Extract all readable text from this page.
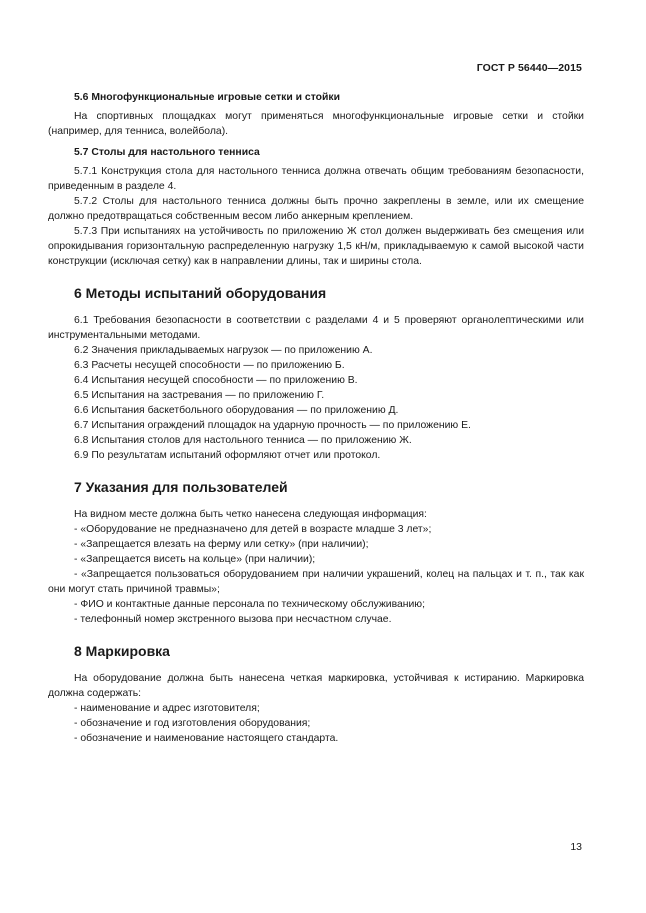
ГОСТ Р 56440—2015

5.6 Многофункциональные игровые сетки и стойки

На спортивных площадках могут применяться многофункциональные игровые сетки и стойки (например, для тенниса, волейбола).

5.7 Столы для настольного тенниса

5.7.1 Конструкция стола для настольного тенниса должна отвечать общим требованиям безопасности, приведенным в разделе 4.

5.7.2 Столы для настольного тенниса должны быть прочно закреплены в земле, или их смещение должно предотвращаться собственным весом либо анкерным креплением.

5.7.3 При испытаниях на устойчивость по приложению Ж стол должен выдерживать без смещения или опрокидывания горизонтальную распределенную нагрузку 1,5 кН/м, прикладываемую к самой высокой части конструкции (исключая сетку) как в направлении длины, так и ширины стола.

6 Методы испытаний оборудования

6.1 Требования безопасности в соответствии с разделами 4 и 5 проверяют органолептическими или инструментальными методами.

6.2 Значения прикладываемых нагрузок — по приложению А.

6.3 Расчеты несущей способности — по приложению Б.

6.4 Испытания несущей способности — по приложению В.

6.5 Испытания на застревания — по приложению Г.

6.6 Испытания баскетбольного оборудования — по приложению Д.

6.7 Испытания ограждений площадок на ударную прочность — по приложению Е.

6.8 Испытания столов для настольного тенниса — по приложению Ж.

6.9 По результатам испытаний оформляют отчет или протокол.

7 Указания для пользователей

На видном месте должна быть четко нанесена следующая информация:

- «Оборудование не предназначено для детей в возрасте младше 3 лет»;

- «Запрещается влезать на ферму или сетку» (при наличии);

- «Запрещается висеть на кольце» (при наличии);

- «Запрещается пользоваться оборудованием при наличии украшений, колец на пальцах и т. п., так как они могут стать причиной травмы»;

- ФИО и контактные данные персонала по техническому обслуживанию;

- телефонный номер экстренного вызова при несчастном случае.

8 Маркировка

На оборудование должна быть нанесена четкая маркировка, устойчивая к истиранию. Маркировка должна содержать:

- наименование и адрес изготовителя;

- обозначение и год изготовления оборудования;

- обозначение и наименование настоящего стандарта.

13
